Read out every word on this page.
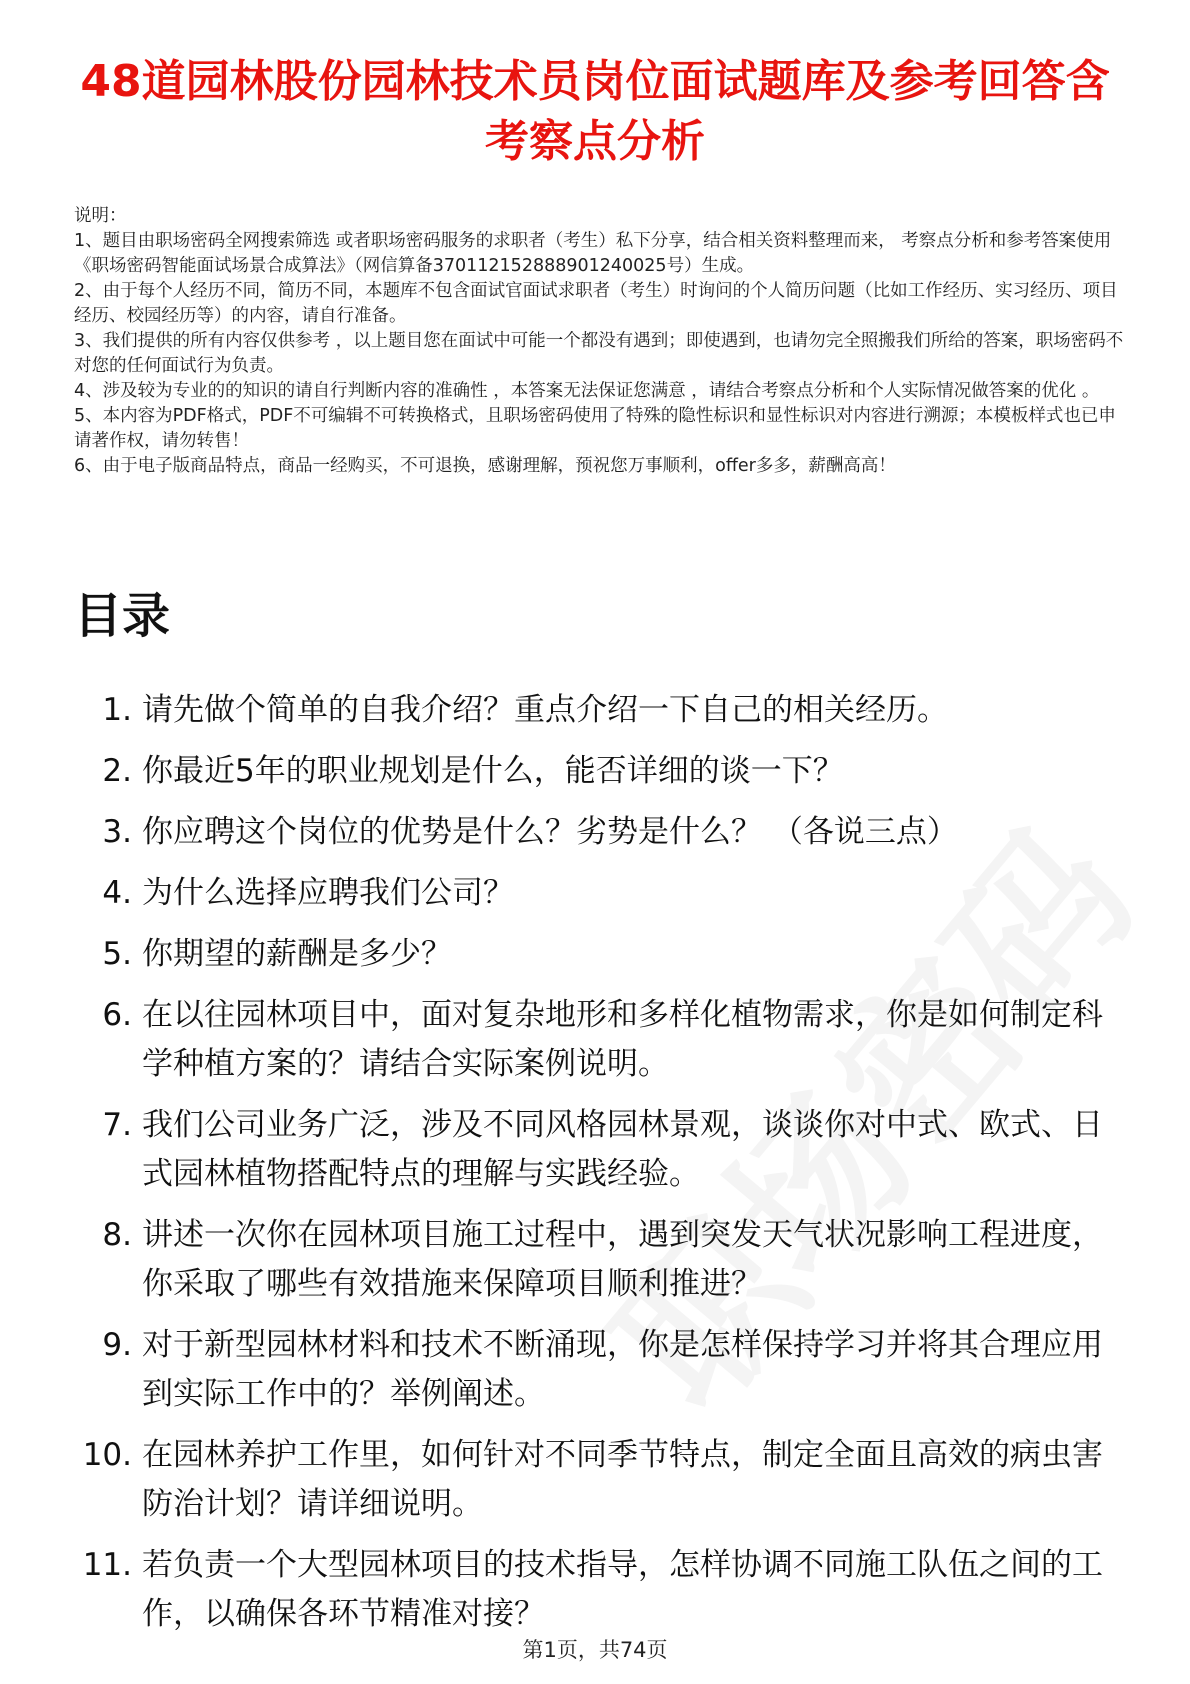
48道园林股份园林技术员岗位面试题库及参考回答含考察点分析

说明：

1、题目由职场密码全网搜索筛选 或者职场密码服务的求职者（考生）私下分享，结合相关资料整理而来， 考察点分析和参考答案使用《职场密码智能面试场景合成算法》（网信算备370112152888901240025号）生成。

2、由于每个人经历不同，简历不同，本题库不包含面试官面试求职者（考生）时询问的个人简历问题（比如工作经历、实习经历、项目经历、校园经历等）的内容，请自行准备。

3、我们提供的所有内容仅供参考 ，以上题目您在面试中可能一个都没有遇到；即使遇到，也请勿完全照搬我们所给的答案，职场密码不对您的任何面试行为负责。

4、涉及较为专业的的知识的请自行判断内容的准确性 ，本答案无法保证您满意 ，请结合考察点分析和个人实际情况做答案的优化 。

5、本内容为PDF格式，PDF不可编辑不可转换格式，且职场密码使用了特殊的隐性标识和显性标识对内容进行溯源；本模板样式也已申请著作权，请勿转售！

6、由于电子版商品特点，商品一经购买，不可退换，感谢理解，预祝您万事顺利，offer多多，薪酬高高！

目录
1. 请先做个简单的自我介绍？重点介绍一下自己的相关经历。
2. 你最近5年的职业规划是什么，能否详细的谈一下？
3. 你应聘这个岗位的优势是什么？劣势是什么？ （各说三点）
4. 为什么选择应聘我们公司？
5. 你期望的薪酬是多少？
6. 在以往园林项目中，面对复杂地形和多样化植物需求，你是如何制定科学种植方案的？请结合实际案例说明。
7. 我们公司业务广泛，涉及不同风格园林景观，谈谈你对中式、欧式、日式园林植物搭配特点的理解与实践经验。
8. 讲述一次你在园林项目施工过程中，遇到突发天气状况影响工程进度，你采取了哪些有效措施来保障项目顺利推进？
9. 对于新型园林材料和技术不断涌现，你是怎样保持学习并将其合理应用到实际工作中的？举例阐述。
10. 在园林养护工作里，如何针对不同季节特点，制定全面且高效的病虫害防治计划？请详细说明。
11. 若负责一个大型园林项目的技术指导，怎样协调不同施工队伍之间的工作，以确保各环节精准对接？
第1页，共74页
